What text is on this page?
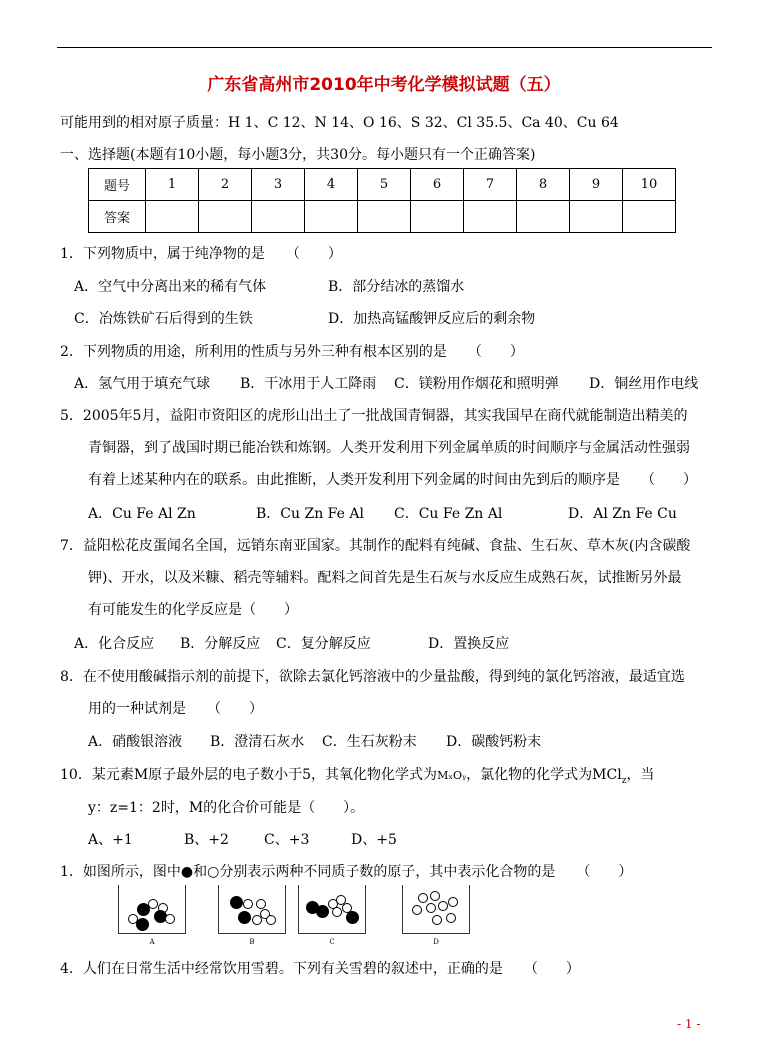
广东省高州市2010年中考化学模拟试题（五）
可能用到的相对原子质量：H 1、C 12、N 14、O 16、S 32、Cl 35.5、Ca 40、Cu 64
一、选择题(本题有10小题，每小题3分，共30分。每小题只有一个正确答案)
题号	1	2	3	4	5	6	7	8	9	10
答案										
1．下列物质中，属于纯净物的是　　（　　）
A．空气中分离出来的稀有气体	B．部分结冰的蒸馏水
C．冶炼铁矿石后得到的生铁	D．加热高锰酸钾反应后的剩余物
2．下列物质的用途，所利用的性质与另外三种有根本区别的是　　（　　）
A．氢气用于填充气球 B．干冰用于人工降雨 C．镁粉用作烟花和照明弹 D．铜丝用作电线
5．2005年5月，益阳市资阳区的虎形山出土了一批战国青铜器，其实我国早在商代就能制造出精美的
青铜器，到了战国时期已能冶铁和炼钢。人类开发利用下列金属单质的时间顺序与金属活动性强弱
有着上述某种内在的联系。由此推断，人类开发利用下列金属的时间由先到后的顺序是　　（　　）
A．Cu Fe Al Zn	B．Cu Zn Fe Al C．Cu Fe Zn Al	D．Al Zn Fe Cu
7．益阳松花皮蛋闻名全国，远销东南亚国家。其制作的配料有纯碱、食盐、生石灰、草木灰(内含碳酸
钾)、开水，以及米糠、稻壳等辅料。配料之间首先是生石灰与水反应生成熟石灰，试推断另外最
有可能发生的化学反应是（　　）
A．化合反应 B．分解反应 C．复分解反应	D．置换反应
8．在不使用酸碱指示剂的前提下，欲除去氯化钙溶液中的少量盐酸，得到纯的氯化钙溶液，最适宜选
用的一种试剂是　　（　　）
A．硝酸银溶液 B．澄清石灰水 C．生石灰粉末 D．碳酸钙粉末
10．某元素M原子最外层的电子数小于5，其氧化物化学式为MₓOᵧ，氯化物的化学式为MCl$_z$，当
y：z=1：2时，M的化合价可能是（　　）。
A、+1	B、+2	C、+3	D、+5
1．如图所示，图中●和○分别表示两种不同质子数的原子，其中表示化合物的是　　（　　）
A	B	C	D
4．人们在日常生活中经常饮用雪碧。下列有关雪碧的叙述中，正确的是　　（　　）
- 1 -
